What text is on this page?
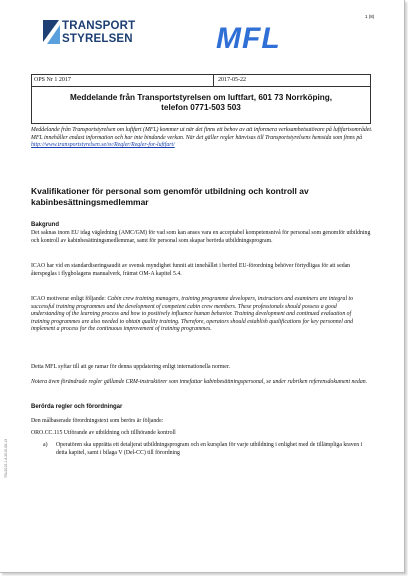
TRANSPORT
STYRELSEN	MFL
1 (8)
OPS Nr 1 2017	2017-05-22
Meddelande från Transportstyrelsen om luftfart, 601 73 Norrköping,
telefon 0771-503 503
Meddelande från Transportstyrelsen om luftfart (MFL) kommer ut när det finns ett behov av att informera verksamhetsutövare på luftfartsområdet. MFL innehåller endast information och har inte bindande verkan. När det gäller regler hänvisas till Transportstyrelsens hemsida som finns på http://www.transportstyrelsen.se/sv/Regler/Regler-for-luftfart/
Kvalifikationer för personal som genomför utbildning och kontroll av kabinbesättningsmedlemmar
Bakgrund
Det saknas inom EU idag vägledning (AMC/GM) för vad som kan anses vara en acceptabel kompetensnivå för personal som genomför utbildning och kontroll av kabinbesättningsmedlemmar, samt för personal som skapar berörda utbildningsprogram.
ICAO har vid en standardiseringsaudit av svensk myndighet funnit att innehållet i berörd EU-förordning behöver förtydligas för att sedan återspeglas i flygbolagens manualverk, främst OM-A kapitel 5.4.
ICAO motiverar enligt följande: Cabin crew training managers, training programme developers, instructors and examiners are integral to successful training programmes and the development of competent cabin crew members. These professionals should possess a good understanding of the learning process and how to positively influence human behavior. Training development and continued evaluation of training programmes are also needed to obtain quality training. Therefore, operators should establish qualifications for key personnel and implement a process for the continuous improvement of training programmes.
Detta MFL syftar till att ge ramar för denna uppdatering enligt internationella normer.
Notera även förändrade regler gällande CRM-instruktörer som innefattar kabinbesättningspersonal, se under rubriken referensdokument nedan.
Berörda regler och förordningar
Den målbaserade förordningstext som berörs är följande:
ORO.CC.115 Utförande av utbildning och tillhörande kontroll
a) Operatören ska upprätta ett detaljerat utbildningsprogram och en kursplan för varje utbildning i enlighet med de tillämpliga kraven i detta kapitel, samt i bilaga V (Del-CC) till förordning
TSL2015-1 A 2015-08-13
